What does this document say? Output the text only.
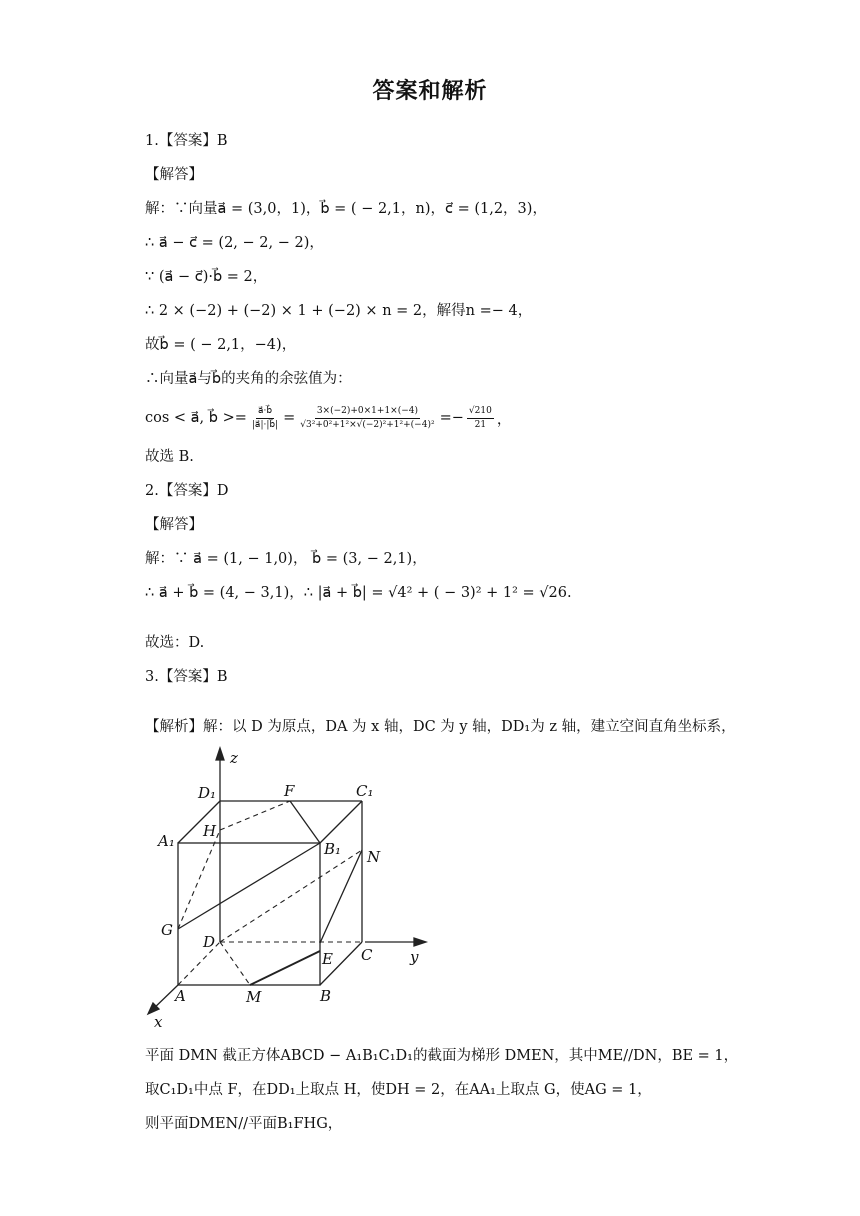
答案和解析
1.【答案】B
【解答】
解：∵向量a⃗ = (3,0，1)，b⃗ = ( − 2,1，n)，c⃗ = (1,2，3)，
∴ a⃗ − c⃗ = (2, − 2, − 2)，
∵ (a⃗ − c⃗)·b⃗ = 2，
∴ 2 × (−2) + (−2) × 1 + (−2) × n = 2，解得n =− 4，
故b⃗ = ( − 2,1，−4)，
∴向量a⃗与b⃗的夹角的余弦值为：
cos < a⃗, b⃗ >= $\frac{a⃗\cdot b⃗}{|a⃗|\cdot|b⃗|} = \frac{3\times(-2)+0\times 1+1\times(-4)}{\text{√3²+0²+1²×√(−2)²+1²+(−4)²}} =- \frac{√210}{21}$ ，
故选 B.
2.【答案】D
【解答】
解：∵ a⃗ = (1, − 1,0)， b⃗ = (3, − 2,1)，
∴ a⃗ + b⃗ = (4, − 3,1)，∴ |a⃗ + b⃗| = √4² + ( − 3)² + 1² = √26.
故选：D.
3.【答案】B
【解析】解：以 D 为原点，DA 为 x 轴，DC 为 y 轴，DD₁为 z 轴，建立空间直角坐标系，
z
D₁	F	C₁
H
A₁	B₁ N
G
D
E C	y
A	M	B
x
平面 DMN 截正方体ABCD − A₁B₁C₁D₁的截面为梯形 DMEN，其中ME//DN，BE = 1，
取C₁D₁中点 F，在DD₁上取点 H，使DH = 2，在AA₁上取点 G，使AG = 1，
则平面DMEN//平面B₁FHG，
